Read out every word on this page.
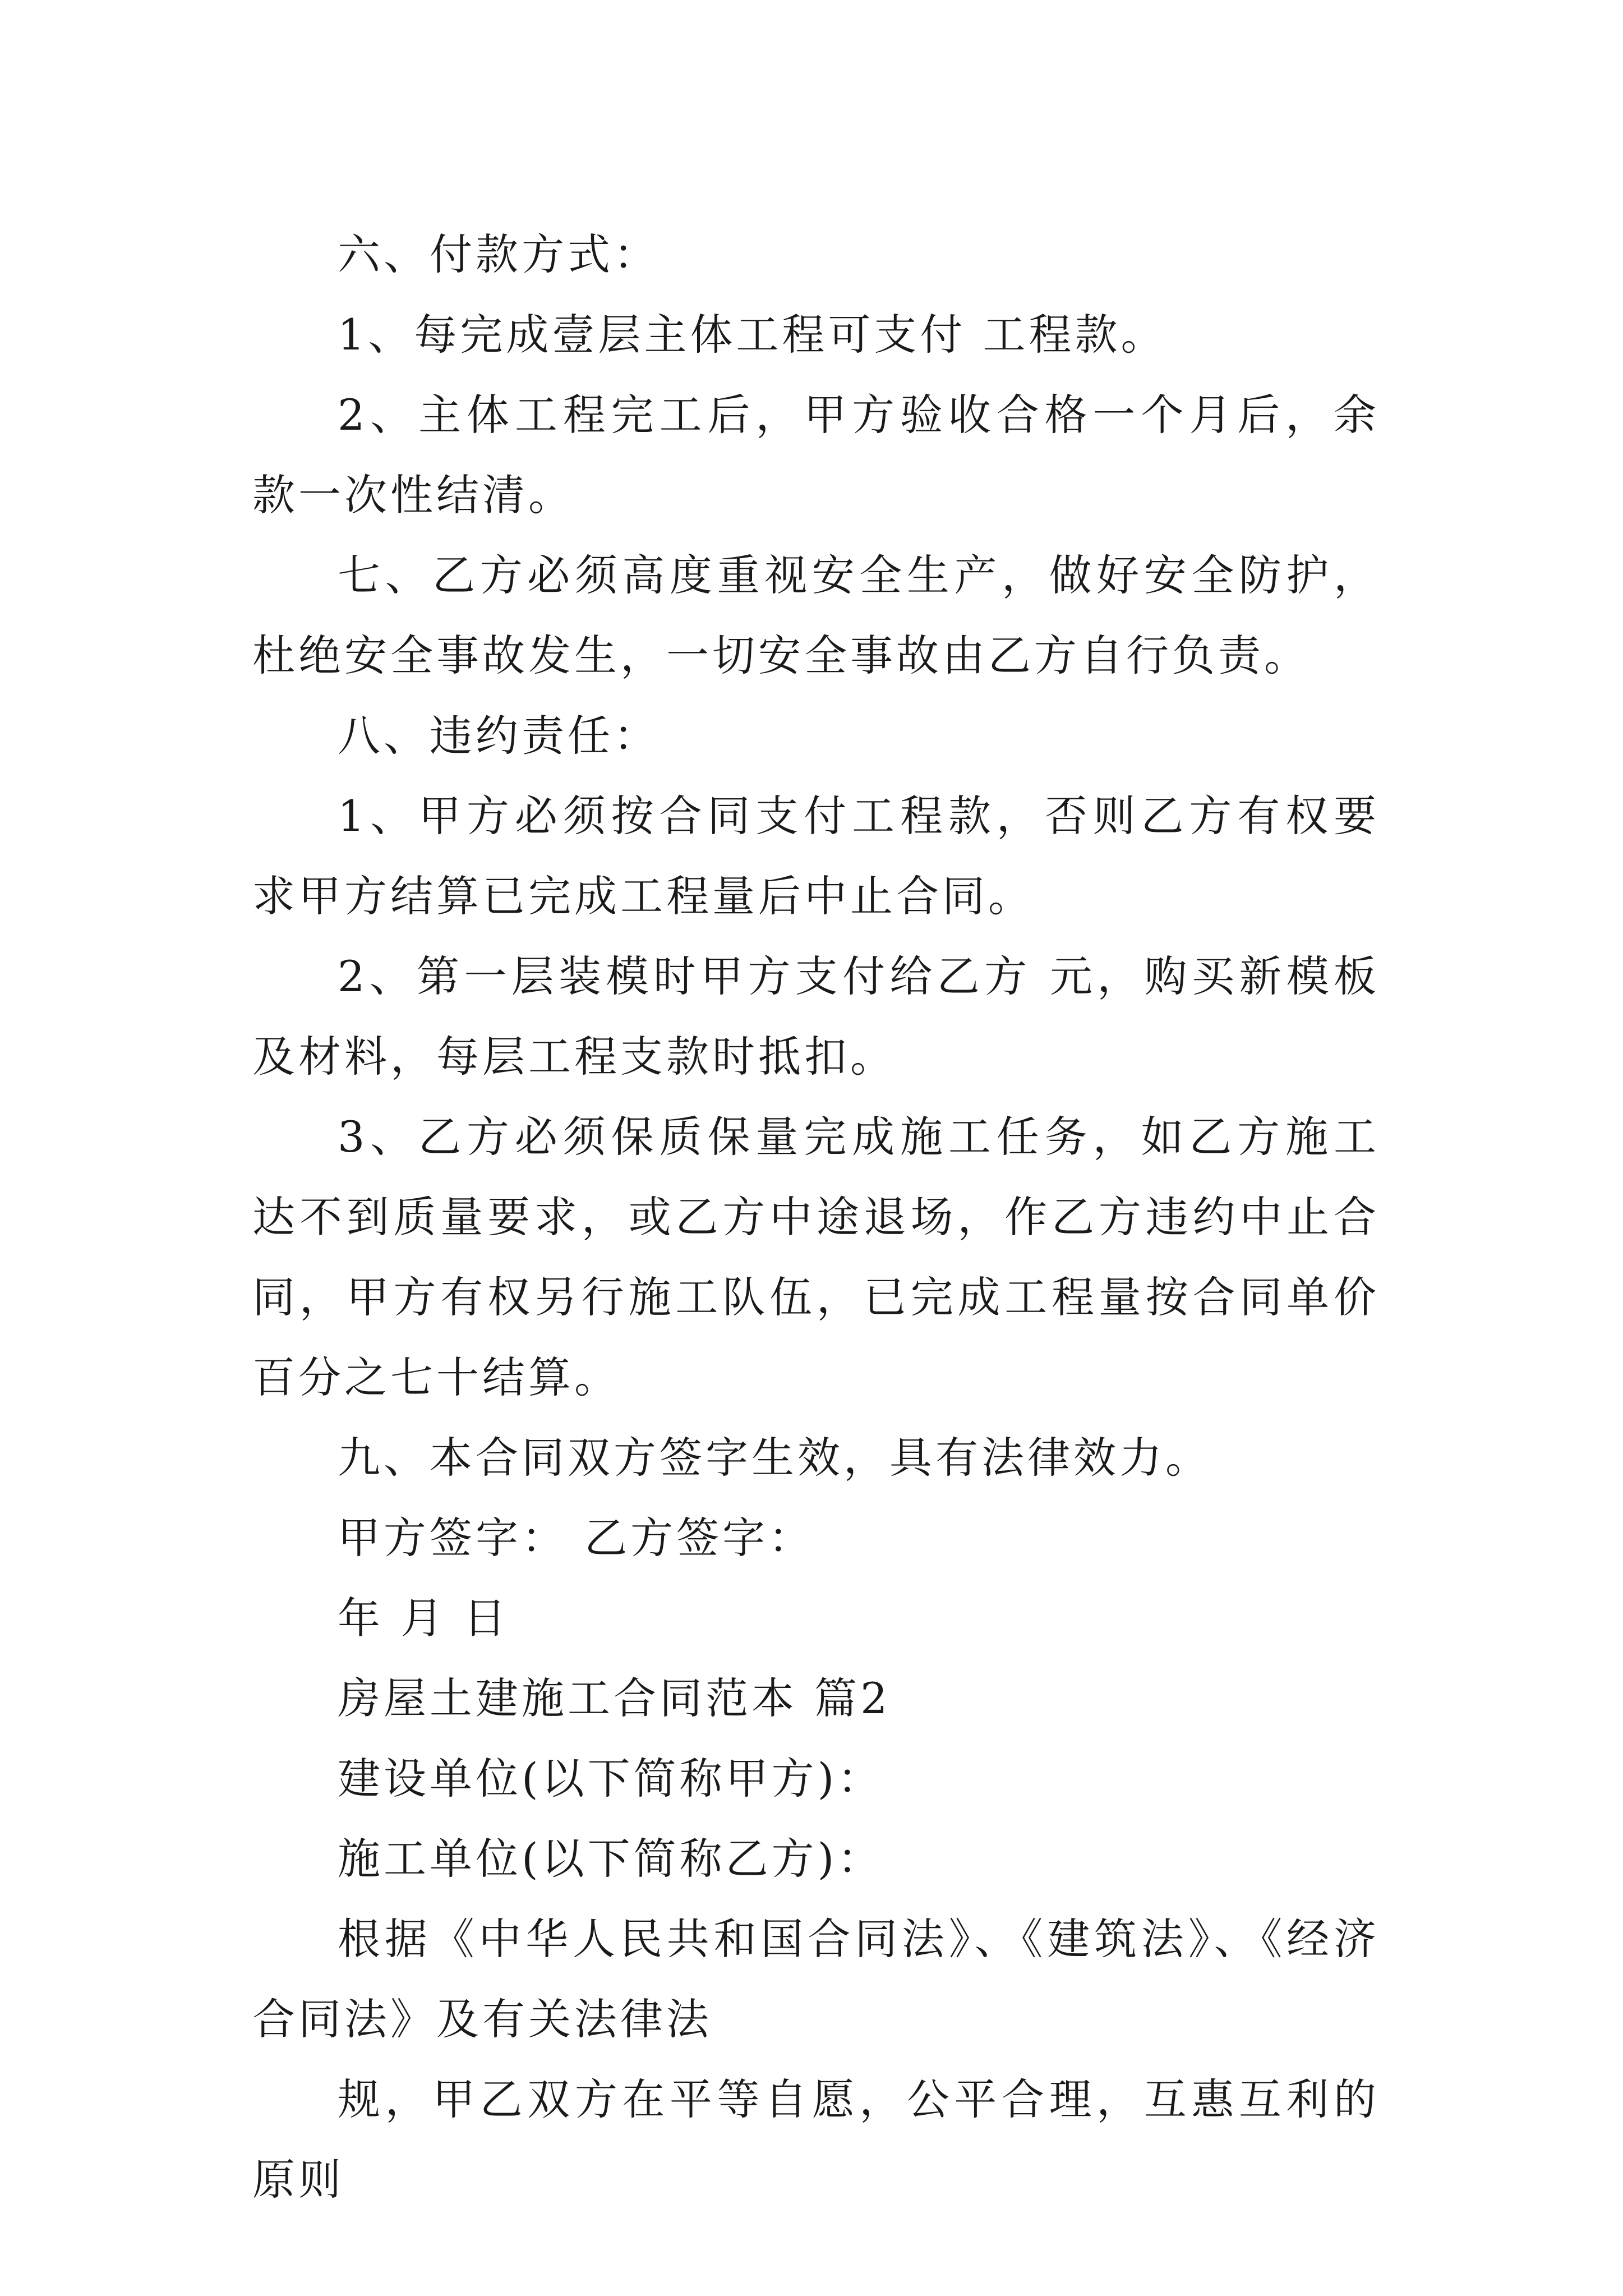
六、付款方式：

1、每完成壹层主体工程可支付 工程款。

2、主体工程完工后，甲方验收合格一个月后，余款一次性结清。

七、乙方必须高度重视安全生产，做好安全防护，杜绝安全事故发生，一切安全事故由乙方自行负责。

八、违约责任：

1、甲方必须按合同支付工程款，否则乙方有权要求甲方结算已完成工程量后中止合同。

2、第一层装模时甲方支付给乙方 元，购买新模板及材料，每层工程支款时抵扣。

3、乙方必须保质保量完成施工任务，如乙方施工达不到质量要求，或乙方中途退场，作乙方违约中止合同，甲方有权另行施工队伍，已完成工程量按合同单价百分之七十结算。

九、本合同双方签字生效，具有法律效力。

甲方签字： 乙方签字：

年 月 日

房屋土建施工合同范本 篇2

建设单位(以下简称甲方)：

施工单位(以下简称乙方)：

根据《中华人民共和国合同法》、《建筑法》、《经济合同法》及有关法律法

规，甲乙双方在平等自愿，公平合理，互惠互利的原则
